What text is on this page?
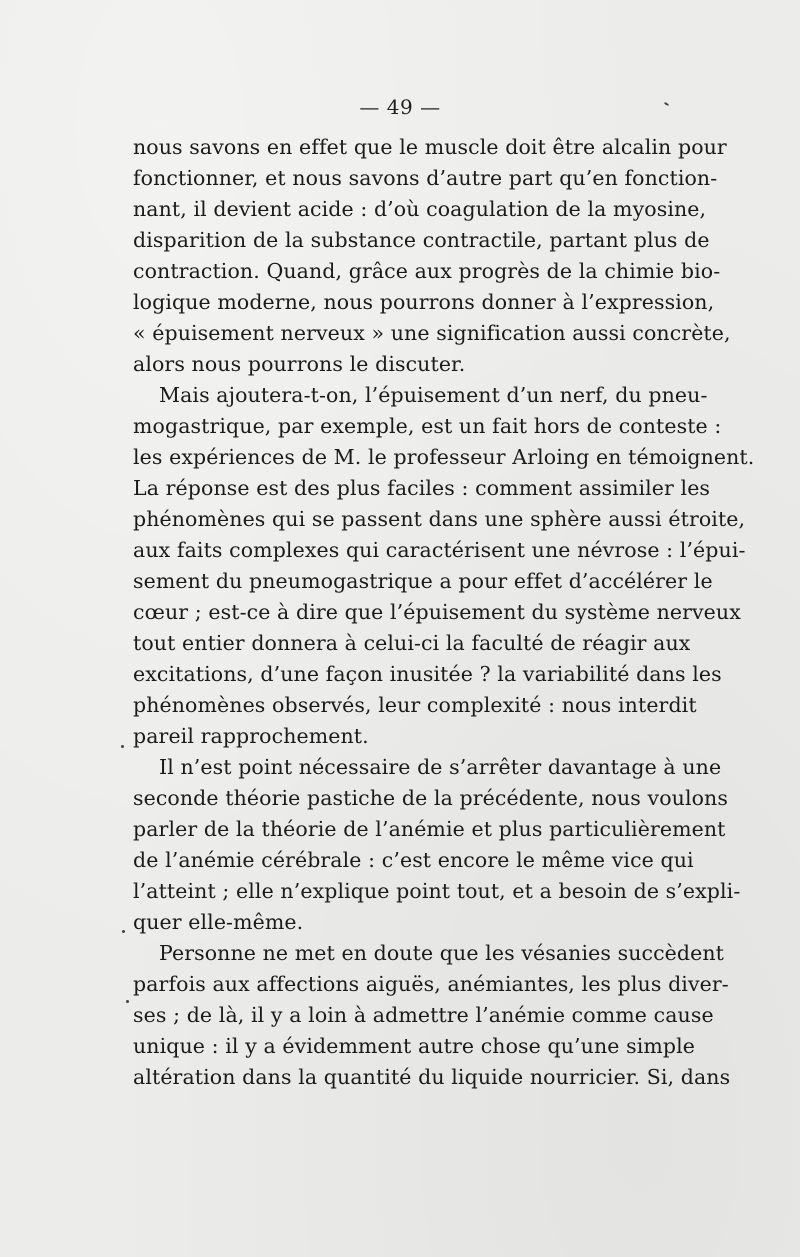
— 49 —
nous savons en effet que le muscle doit être alcalin pour
fonctionner, et nous savons d’autre part qu’en fonction-
nant, il devient acide : d’où coagulation de la myosine,
disparition de la substance contractile, partant plus de
contraction. Quand, grâce aux progrès de la chimie bio-
logique moderne, nous pourrons donner à l’expression,
« épuisement nerveux » une signification aussi concrète,
alors nous pourrons le discuter.
Mais ajoutera-t-on, l’épuisement d’un nerf, du pneu-
mogastrique, par exemple, est un fait hors de conteste :
les expériences de M. le professeur Arloing en témoignent.
La réponse est des plus faciles : comment assimiler les
phénomènes qui se passent dans une sphère aussi étroite,
aux faits complexes qui caractérisent une névrose : l’épui-
sement du pneumogastrique a pour effet d’accélérer le
cœur ; est-ce à dire que l’épuisement du système nerveux
tout entier donnera à celui-ci la faculté de réagir aux
excitations, d’une façon inusitée ? la variabilité dans les
phénomènes observés, leur complexité : nous interdit
pareil rapprochement.
Il n’est point nécessaire de s’arrêter davantage à une
seconde théorie pastiche de la précédente, nous voulons
parler de la théorie de l’anémie et plus particulièrement
de l’anémie cérébrale : c’est encore le même vice qui
l’atteint ; elle n’explique point tout, et a besoin de s’expli-
quer elle-même.
Personne ne met en doute que les vésanies succèdent
parfois aux affections aiguës, anémiantes, les plus diver-
ses ; de là, il y a loin à admettre l’anémie comme cause
unique : il y a évidemment autre chose qu’une simple
altération dans la quantité du liquide nourricier. Si, dans
